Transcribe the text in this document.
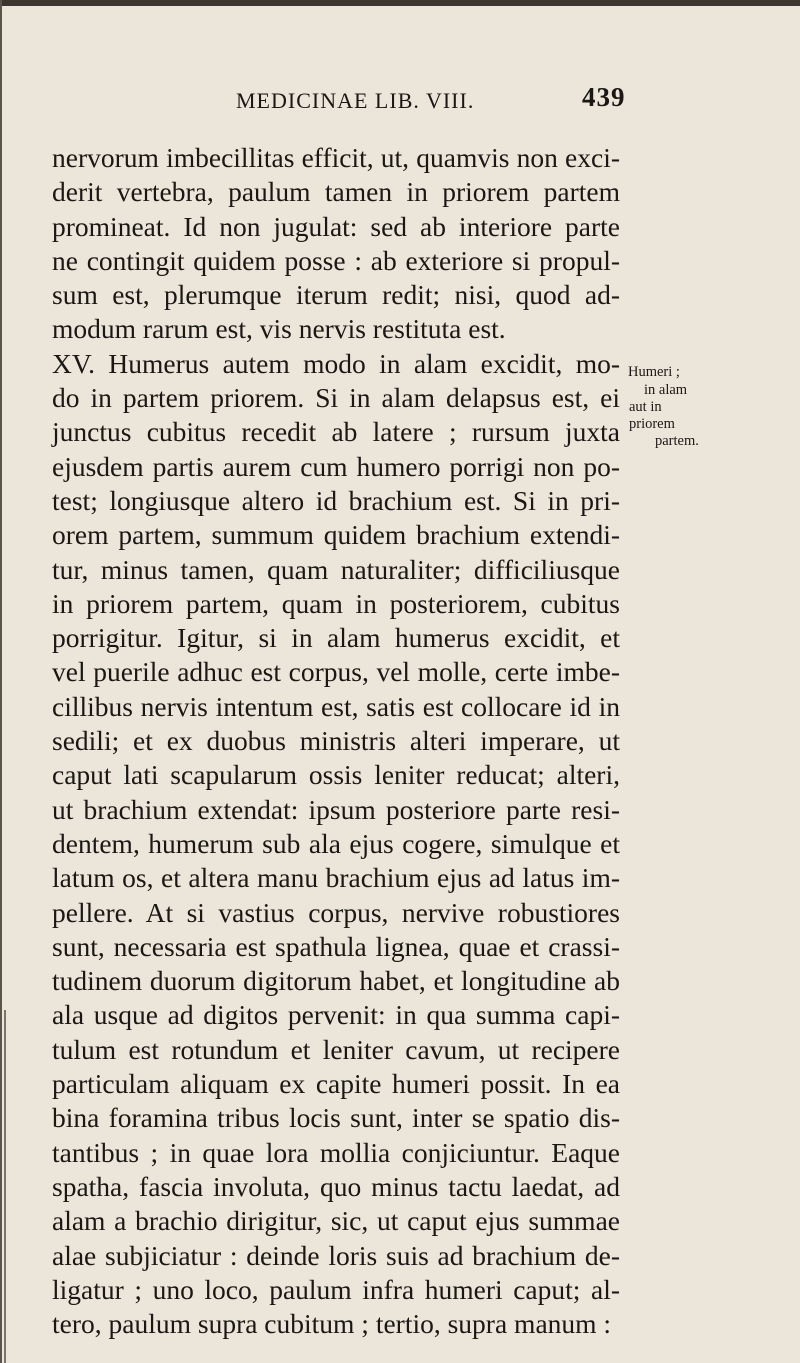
MEDICINAE LIB. VIII.	439
nervorum imbecillitas efficit, ut, quamvis non exci-
derit vertebra, paulum tamen in priorem partem
promineat. Id non jugulat: sed ab interiore parte
ne contingit quidem posse : ab exteriore si propul-
sum est, plerumque iterum redit; nisi, quod ad-
modum rarum est, vis nervis restituta est.
XV. Humerus autem modo in alam excidit, mo-
do in partem priorem. Si in alam delapsus est, ei
junctus cubitus recedit ab latere ; rursum juxta
ejusdem partis aurem cum humero porrigi non po-
test; longiusque altero id brachium est. Si in pri-
orem partem, summum quidem brachium extendi-
tur, minus tamen, quam naturaliter; difficiliusque
in priorem partem, quam in posteriorem, cubitus
porrigitur. Igitur, si in alam humerus excidit, et
vel puerile adhuc est corpus, vel molle, certe imbe-
cillibus nervis intentum est, satis est collocare id in
sedili; et ex duobus ministris alteri imperare, ut
caput lati scapularum ossis leniter reducat; alteri,
ut brachium extendat: ipsum posteriore parte resi-
dentem, humerum sub ala ejus cogere, simulque et
latum os, et altera manu brachium ejus ad latus im-
pellere. At si vastius corpus, nervive robustiores
sunt, necessaria est spathula lignea, quae et crassi-
tudinem duorum digitorum habet, et longitudine ab
ala usque ad digitos pervenit: in qua summa capi-
tulum est rotundum et leniter cavum, ut recipere
particulam aliquam ex capite humeri possit. In ea
bina foramina tribus locis sunt, inter se spatio dis-
tantibus ; in quae lora mollia conjiciuntur. Eaque
spatha, fascia involuta, quo minus tactu laedat, ad
alam a brachio dirigitur, sic, ut caput ejus summae
alae subjiciatur : deinde loris suis ad brachium de-
ligatur ; uno loco, paulum infra humeri caput; al-
tero, paulum supra cubitum ; tertio, supra manum :
Humeri ;
in alam
aut in
priorem
partem.
